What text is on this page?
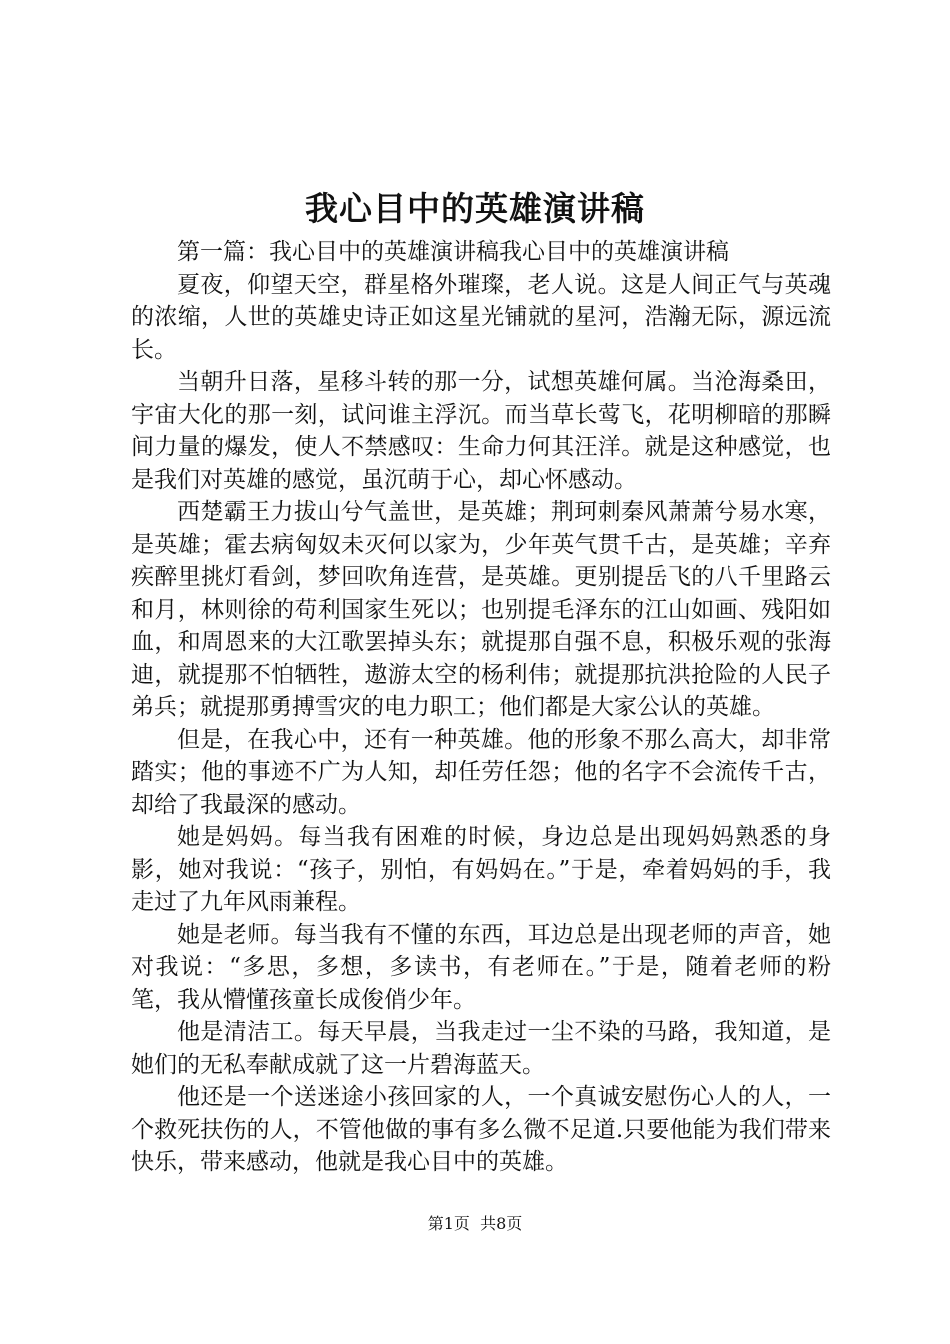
我心目中的英雄演讲稿

第一篇：我心目中的英雄演讲稿我心目中的英雄演讲稿

夏夜，仰望天空，群星格外璀璨，老人说。这是人间正气与英魂的浓缩，人世的英雄史诗正如这星光铺就的星河，浩瀚无际，源远流长。

当朝升日落，星移斗转的那一分，试想英雄何属。当沧海桑田，宇宙大化的那一刻，试问谁主浮沉。而当草长莺飞，花明柳暗的那瞬间力量的爆发，使人不禁感叹：生命力何其汪洋。就是这种感觉，也是我们对英雄的感觉，虽沉萌于心，却心怀感动。

西楚霸王力拔山兮气盖世，是英雄；荆珂刺秦风萧萧兮易水寒，是英雄；霍去病匈奴未灭何以家为，少年英气贯千古，是英雄；辛弃疾醉里挑灯看剑，梦回吹角连营，是英雄。更别提岳飞的八千里路云和月，林则徐的苟利国家生死以；也别提毛泽东的江山如画、残阳如血，和周恩来的大江歌罢掉头东；就提那自强不息，积极乐观的张海迪，就提那不怕牺牲，遨游太空的杨利伟；就提那抗洪抢险的人民子弟兵；就提那勇搏雪灾的电力职工；他们都是大家公认的英雄。

但是，在我心中，还有一种英雄。他的形象不那么高大，却非常踏实；他的事迹不广为人知，却任劳任怨；他的名字不会流传千古，却给了我最深的感动。

她是妈妈。每当我有困难的时候，身边总是出现妈妈熟悉的身影，她对我说：“孩子，别怕，有妈妈在。”于是，牵着妈妈的手，我走过了九年风雨兼程。

她是老师。每当我有不懂的东西，耳边总是出现老师的声音，她对我说：“多思，多想，多读书，有老师在。”于是，随着老师的粉笔，我从懵懂孩童长成俊俏少年。

他是清洁工。每天早晨，当我走过一尘不染的马路，我知道，是她们的无私奉献成就了这一片碧海蓝天。

他还是一个送迷途小孩回家的人，一个真诚安慰伤心人的人，一个救死扶伤的人，不管他做的事有多么微不足道.只要他能为我们带来快乐，带来感动，他就是我心目中的英雄。

第1页 共8页
